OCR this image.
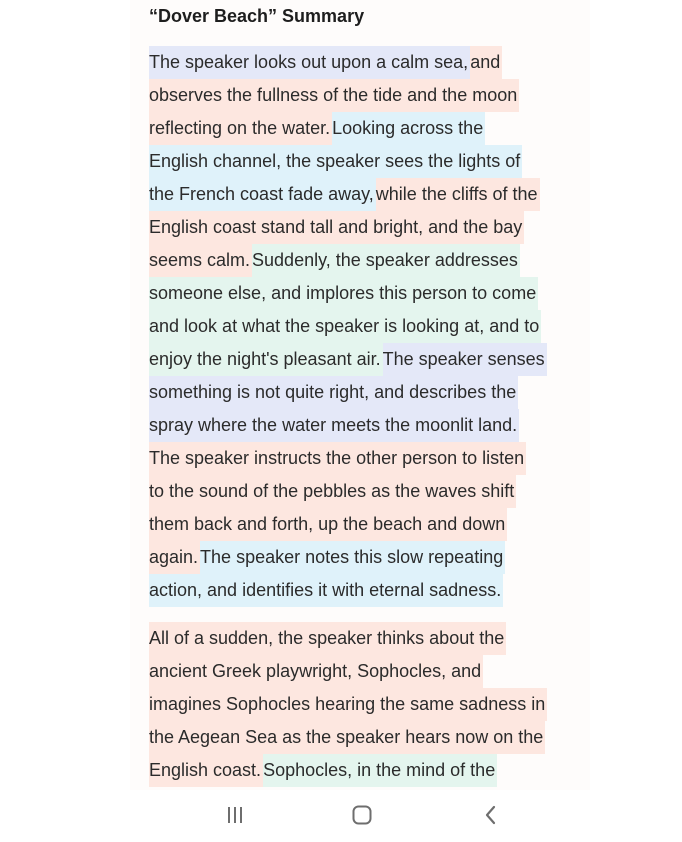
“Dover Beach” Summary
The speaker looks out upon a calm sea,and
observes the fullness of the tide and the moon
reflecting on the water.Looking across the
English channel, the speaker sees the lights of
the French coast fade away,while the cliffs of the
English coast stand tall and bright, and the bay
seems calm.Suddenly, the speaker addresses
someone else, and implores this person to come
and look at what the speaker is looking at, and to
enjoy the night's pleasant air.The speaker senses
something is not quite right, and describes the
spray where the water meets the moonlit land.
The speaker instructs the other person to listen
to the sound of the pebbles as the waves shift
them back and forth, up the beach and down
again.The speaker notes this slow repeating
action, and identifies it with eternal sadness.
All of a sudden, the speaker thinks about the
ancient Greek playwright, Sophocles, and
imagines Sophocles hearing the same sadness in
the Aegean Sea as the speaker hears now on the
English coast.Sophocles, in the mind of the
